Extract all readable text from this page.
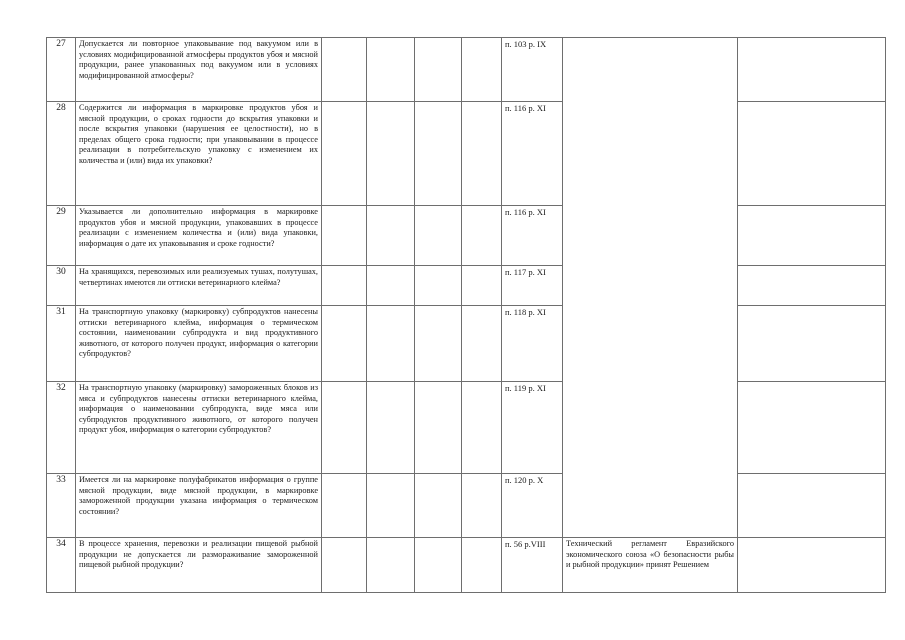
27	Допускается ли повторное упаковывание под вакуумом или в условиях модифицированной атмосферы продуктов убоя и мясной продукции, ранее упакованных под вакуумом или в условиях модифицированной атмосферы?					п. 103 р. IX		
28	Содержится ли информация в маркировке продуктов убоя и мясной продукции, о сроках годности до вскрытия упаковки и после вскрытия упаковки (нарушения ее целостности), но в пределах общего срока годности; при упаковывании в процессе реализации в потребительскую упаковку с изменением их количества и (или) вида их упаковки?					п. 116 р. XI		
29	Указывается ли дополнительно информация в маркировке продуктов убоя и мясной продукции, упаковавших в процессе реализации с изменением количества и (или) вида упаковки, информация о дате их упаковывания и сроке годности?					п. 116 р. XI		
30	На хранящихся, перевозимых или реализуемых тушах, полутушах, четвертинах имеются ли оттиски ветеринарного клейма?					п. 117 р. XI		
31	На транспортную упаковку (маркировку) субпродуктов нанесены оттиски ветеринарного клейма, информация о термическом состоянии, наименовании субпродукта и вид продуктивного животного, от которого получен продукт, информация о категории субпродуктов?					п. 118 р. XI		
32	На транспортную упаковку (маркировку) замороженных блоков из мяса и субпродуктов нанесены оттиски ветеринарного клейма, информация о наименовании субпродукта, виде мяса или субпродуктов продуктивного животного, от которого получен продукт убоя, информация о категории субпродуктов?					п. 119 р. XI		
33	Имеется ли на маркировке полуфабрикатов информация о группе мясной продукции, виде мясной продукции, в маркировке замороженной продукции указана информация о термическом состоянии?					п. 120 р. X		
34	В процессе хранения, перевозки и реализации пищевой рыбной продукции не допускается ли размораживание замороженной пищевой рыбной продукции?					п. 56 р.VIII	Технический регламент Евразийского экономического союза «О безопасности рыбы и рыбной продукции» принят Решением	
